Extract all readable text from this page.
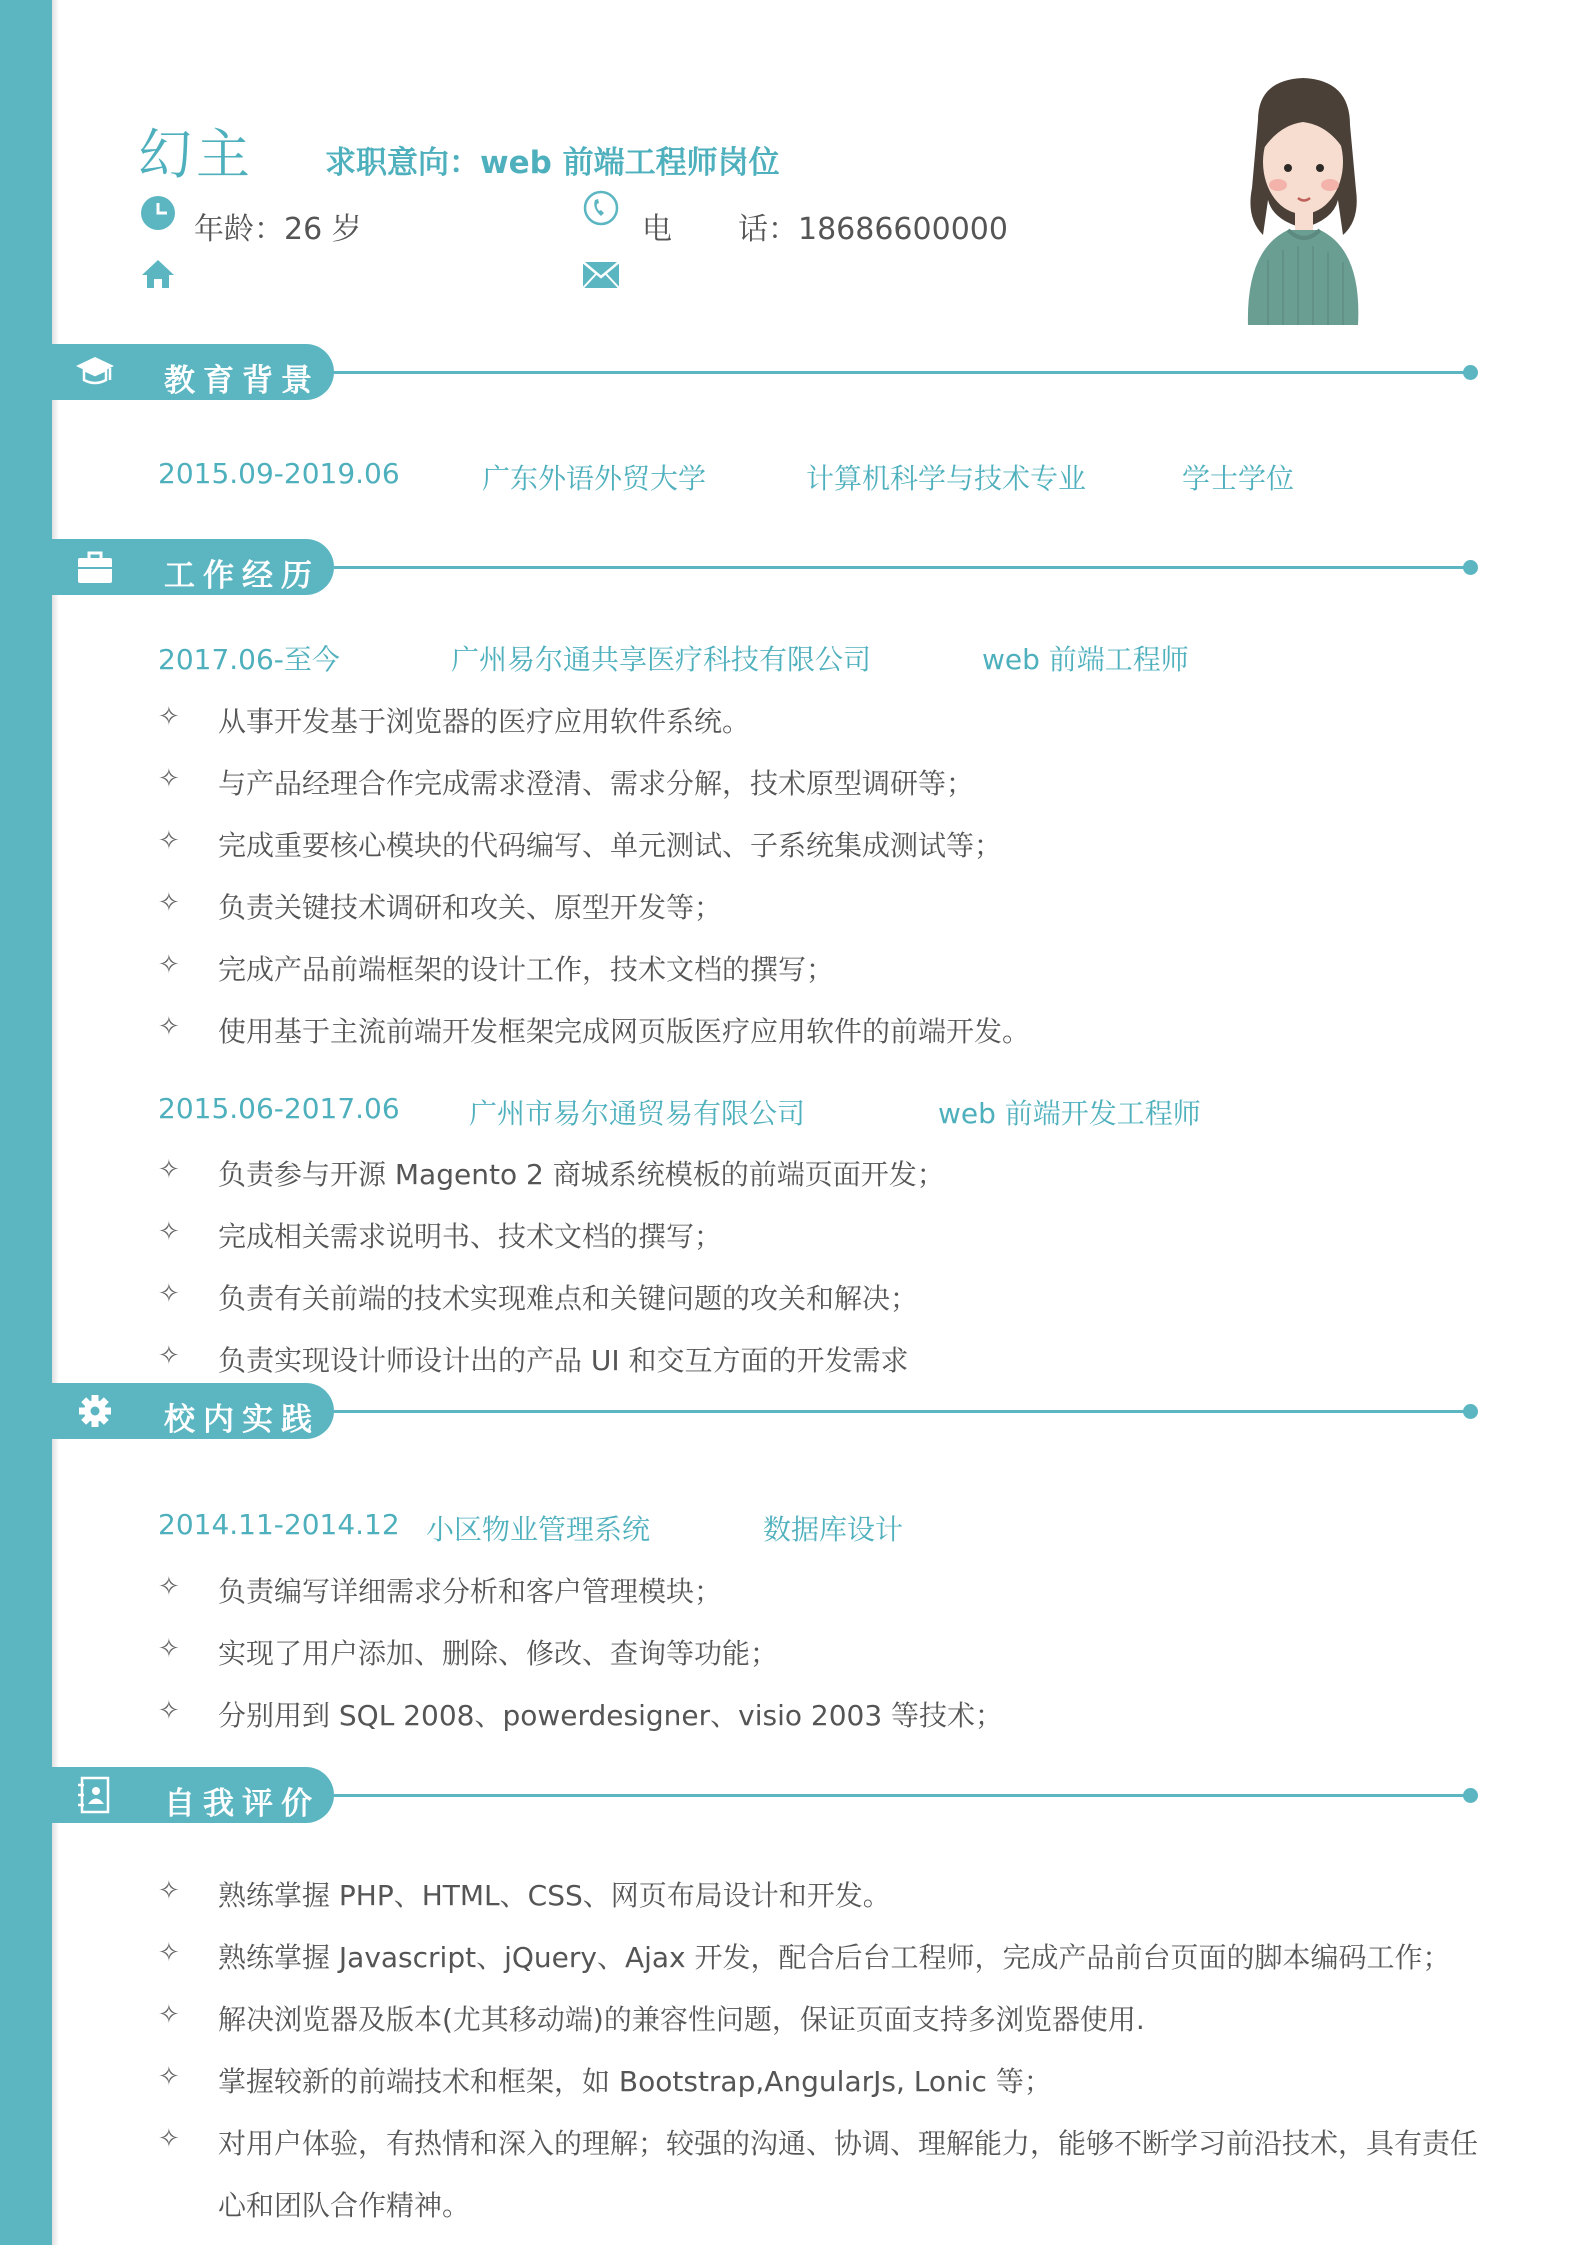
幻主 求职意向：web 前端工程师岗位
年龄：26 岁	电 话：18686600000
教育背景
2015.09-2019.06	广东外语外贸大学	计算机科学与技术专业	学士学位
工作经历
2017.06-至今	广州易尔通共享医疗科技有限公司	web 前端工程师
✧ 从事开发基于浏览器的医疗应用软件系统。
✧ 与产品经理合作完成需求澄清、需求分解，技术原型调研等；
✧ 完成重要核心模块的代码编写、单元测试、子系统集成测试等；
✧ 负责关键技术调研和攻关、原型开发等；
✧ 完成产品前端框架的设计工作，技术文档的撰写；
✧ 使用基于主流前端开发框架完成网页版医疗应用软件的前端开发。
2015.06-2017.06 广州市易尔通贸易有限公司	web 前端开发工程师
✧ 负责参与开源 Magento 2 商城系统模板的前端页面开发；
✧ 完成相关需求说明书、技术文档的撰写；
✧ 负责有关前端的技术实现难点和关键问题的攻关和解决；
✧ 负责实现设计师设计出的产品 UI 和交互方面的开发需求
校内实践
2014.11-2014.12 小区物业管理系统	数据库设计
✧ 负责编写详细需求分析和客户管理模块；
✧ 实现了用户添加、删除、修改、查询等功能；
✧ 分别用到 SQL 2008、powerdesigner、visio 2003 等技术；
自我评价
✧ 熟练掌握 PHP、HTML、CSS、网页布局设计和开发。
✧ 熟练掌握 Javascript、jQuery、Ajax 开发，配合后台工程师，完成产品前台页面的脚本编码工作；
✧ 解决浏览器及版本(尤其移动端)的兼容性问题，保证页面支持多浏览器使用.
✧ 掌握较新的前端技术和框架，如 Bootstrap,AngularJs, Lonic 等；
✧ 对用户体验，有热情和深入的理解；较强的沟通、协调、理解能力，能够不断学习前沿技术，具有责任
心和团队合作精神。
